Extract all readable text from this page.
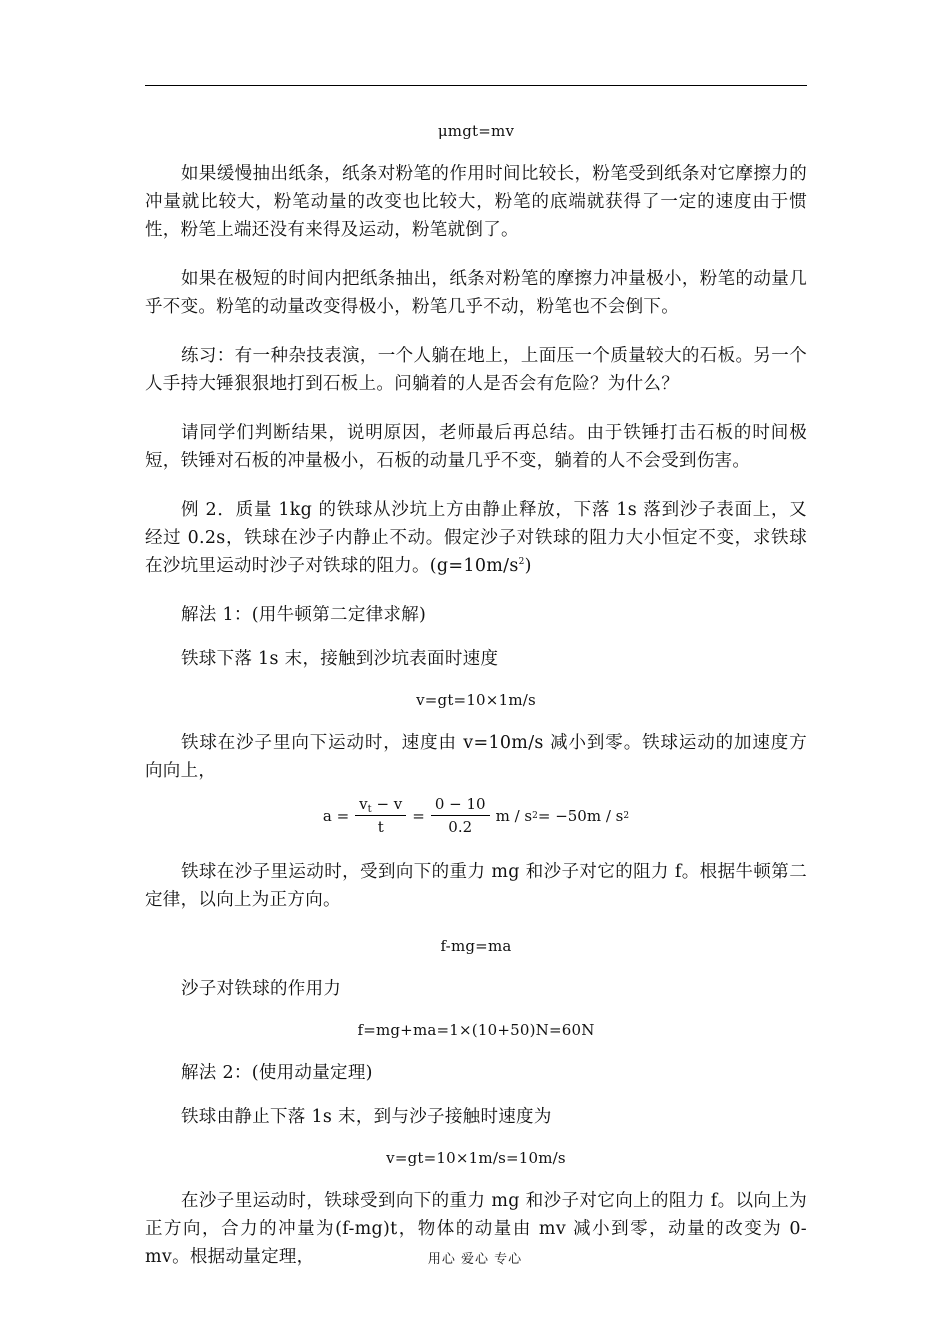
μmgt=mv

如果缓慢抽出纸条，纸条对粉笔的作用时间比较长，粉笔受到纸条对它摩擦力的冲量就比较大，粉笔动量的改变也比较大，粉笔的底端就获得了一定的速度由于惯性，粉笔上端还没有来得及运动，粉笔就倒了。

如果在极短的时间内把纸条抽出，纸条对粉笔的摩擦力冲量极小，粉笔的动量几乎不变。粉笔的动量改变得极小，粉笔几乎不动，粉笔也不会倒下。

练习：有一种杂技表演，一个人躺在地上，上面压一个质量较大的石板。另一个人手持大锤狠狠地打到石板上。问躺着的人是否会有危险？为什么？

请同学们判断结果，说明原因，老师最后再总结。由于铁锤打击石板的时间极短，铁锤对石板的冲量极小，石板的动量几乎不变，躺着的人不会受到伤害。

例 2．质量 1kg 的铁球从沙坑上方由静止释放，下落 1s 落到沙子表面上，又经过 0.2s，铁球在沙子内静止不动。假定沙子对铁球的阻力大小恒定不变，求铁球在沙坑里运动时沙子对铁球的阻力。$(g=10m/s^2)$

解法 1：(用牛顿第二定律求解)

铁球下落 1s 末，接触到沙坑表面时速度

v=gt=10×1m/s

铁球在沙子里向下运动时，速度由 v=10m/s 减小到零。铁球运动的加速度方向向上，

$a = \frac{v_t - v}{t} = \frac{0 - 10}{0.2}$ m / s 2 = −50m / s 2

铁球在沙子里运动时，受到向下的重力 mg 和沙子对它的阻力 f。根据牛顿第二定律，以向上为正方向。

f-mg=ma

沙子对铁球的作用力

f=mg+ma=1×(10+50)N=60N

解法 2：(使用动量定理)

铁球由静止下落 1s 末，到与沙子接触时速度为

v=gt=10×1m/s=10m/s

在沙子里运动时，铁球受到向下的重力 mg 和沙子对它向上的阻力 f。以向上为正方向，合力的冲量为(f-mg)t，物体的动量由 mv 减小到零，动量的改变为 0-mv。根据动量定理，	用心 爱心 专心
